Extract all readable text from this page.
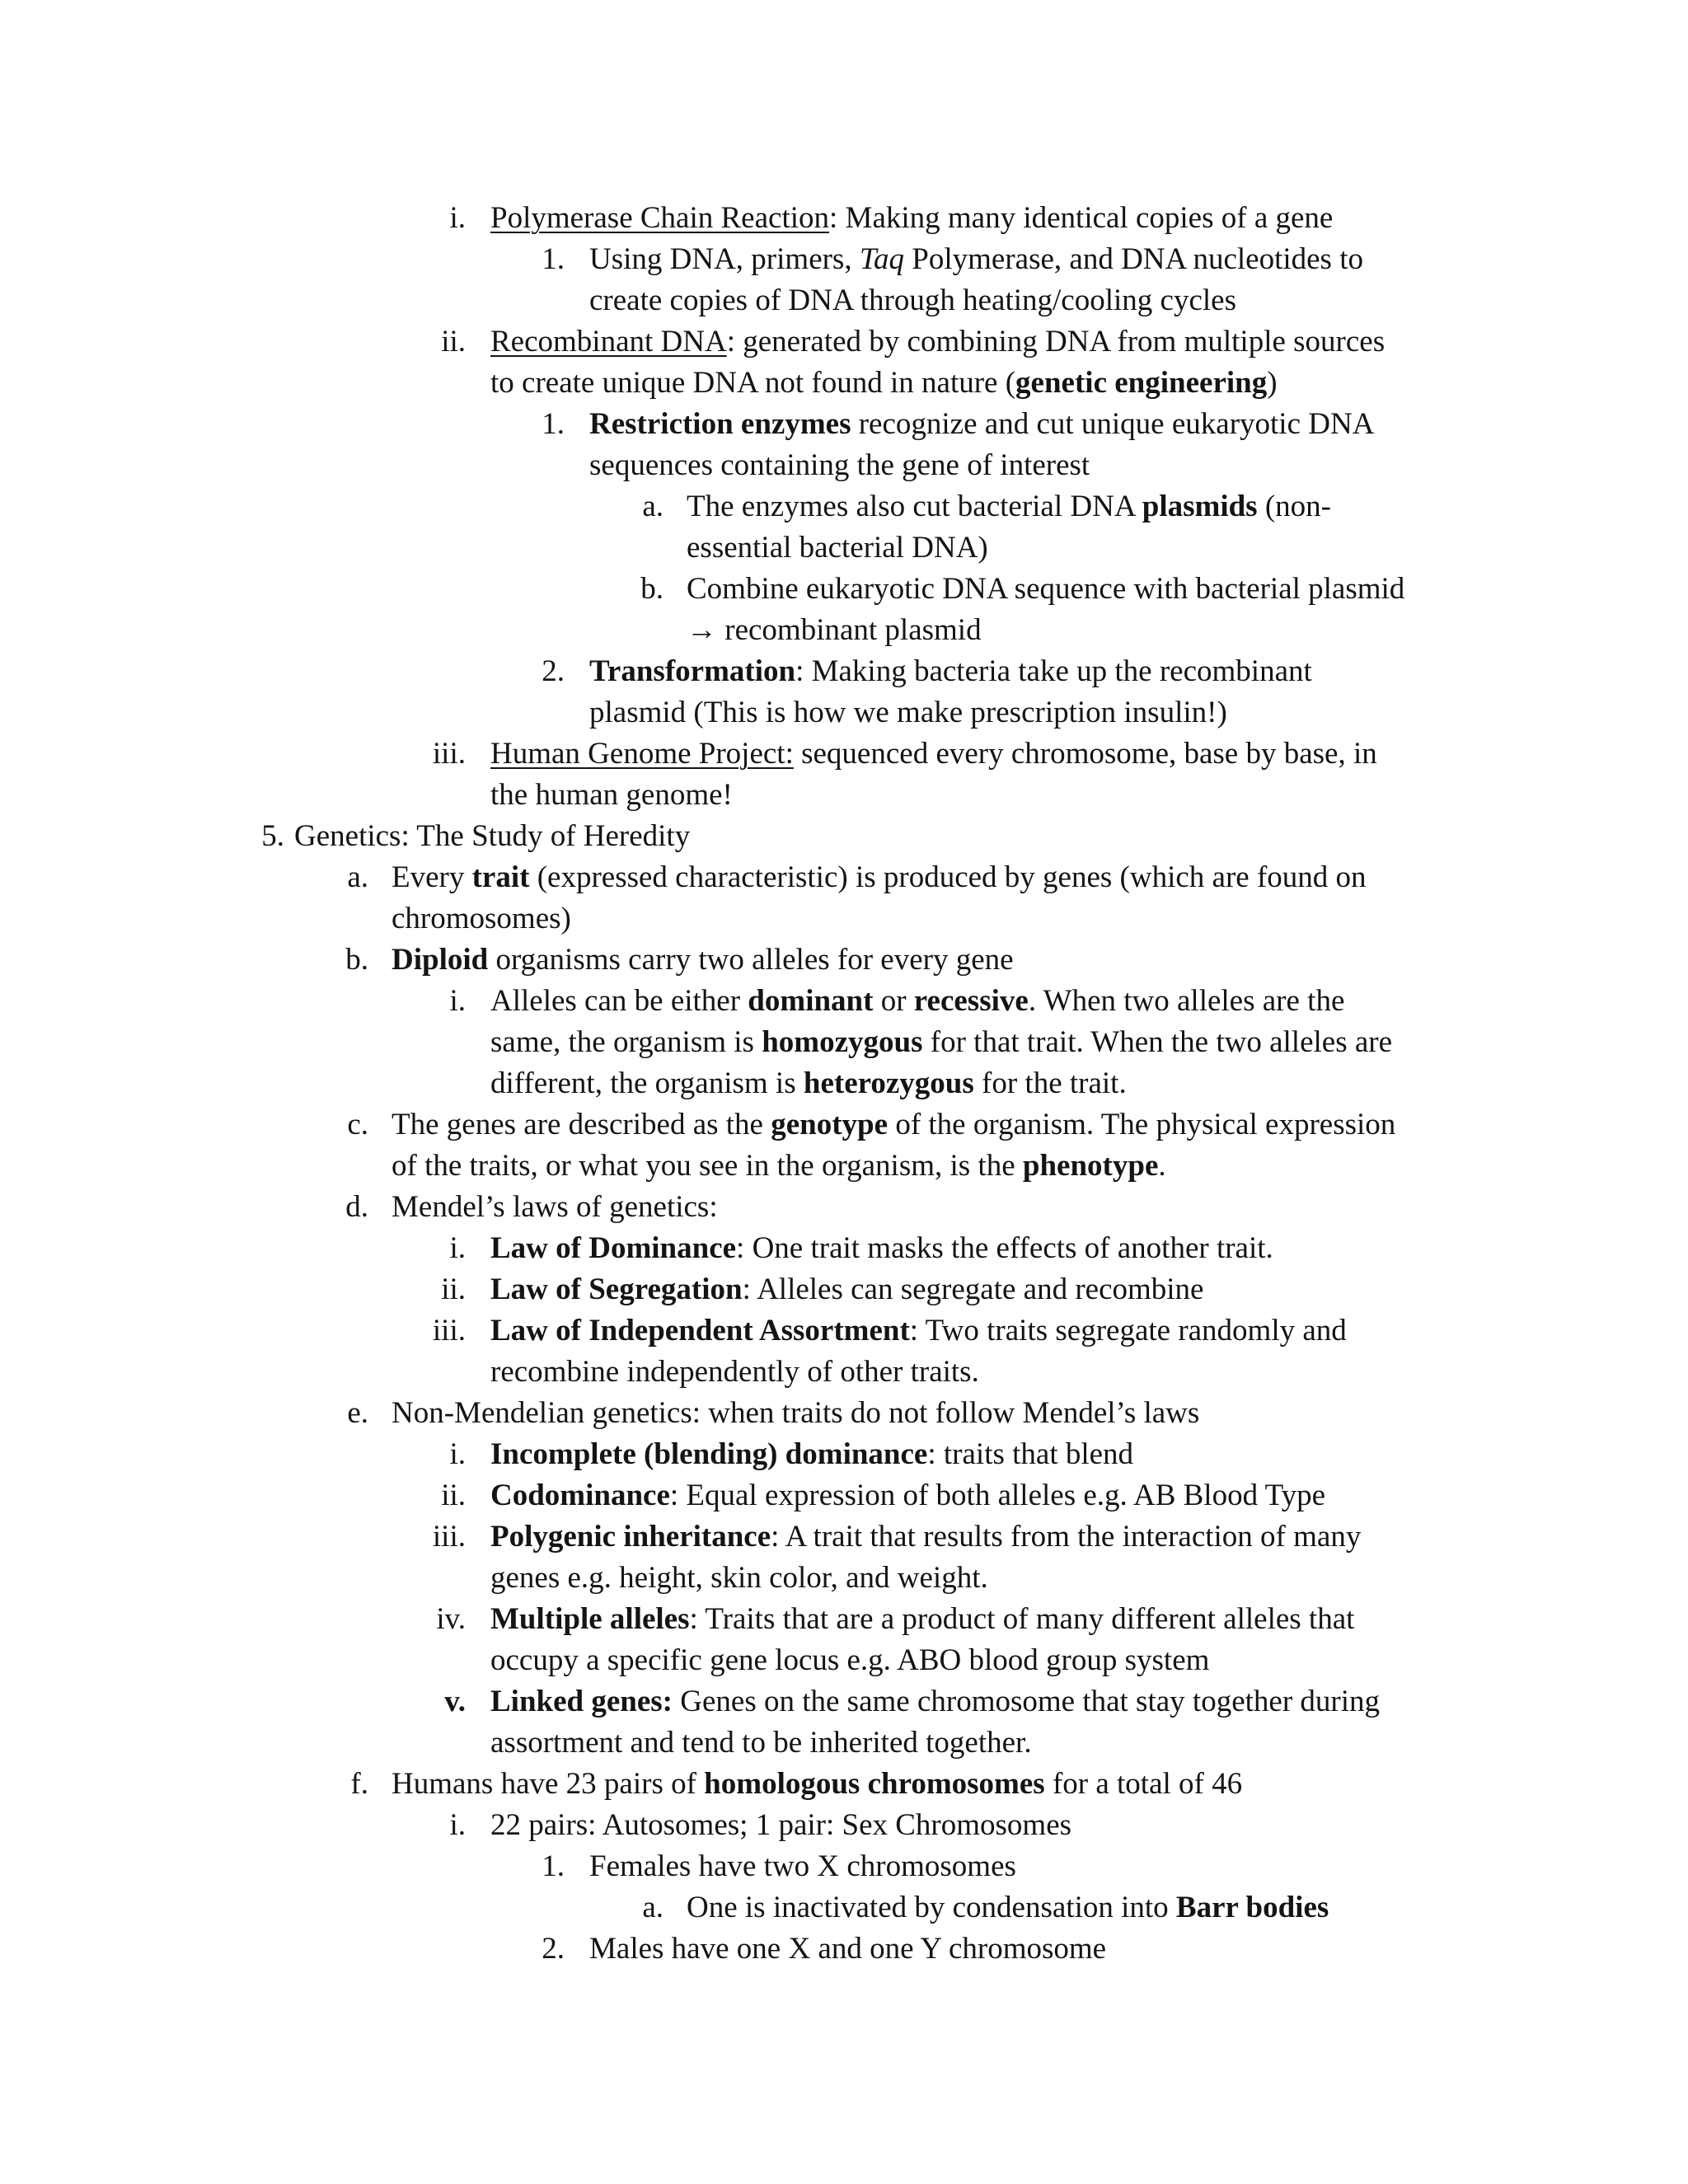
i. Polymerase Chain Reaction: Making many identical copies of a gene
1. Using DNA, primers, Taq Polymerase, and DNA nucleotides to
create copies of DNA through heating/cooling cycles
ii. Recombinant DNA: generated by combining DNA from multiple sources
to create unique DNA not found in nature (genetic engineering)
1. Restriction enzymes recognize and cut unique eukaryotic DNA
sequences containing the gene of interest
a. The enzymes also cut bacterial DNA plasmids (non-
essential bacterial DNA)
b. Combine eukaryotic DNA sequence with bacterial plasmid
→ recombinant plasmid
2. Transformation: Making bacteria take up the recombinant
plasmid (This is how we make prescription insulin!)
iii. Human Genome Project: sequenced every chromosome, base by base, in
the human genome!
5. Genetics: The Study of Heredity
a. Every trait (expressed characteristic) is produced by genes (which are found on
chromosomes)
b. Diploid organisms carry two alleles for every gene
i. Alleles can be either dominant or recessive. When two alleles are the
same, the organism is homozygous for that trait. When the two alleles are
different, the organism is heterozygous for the trait.
c. The genes are described as the genotype of the organism. The physical expression
of the traits, or what you see in the organism, is the phenotype.
d. Mendel’s laws of genetics:
i. Law of Dominance: One trait masks the effects of another trait.
ii. Law of Segregation: Alleles can segregate and recombine
iii. Law of Independent Assortment: Two traits segregate randomly and
recombine independently of other traits.
e. Non-Mendelian genetics: when traits do not follow Mendel’s laws
i. Incomplete (blending) dominance: traits that blend
ii. Codominance: Equal expression of both alleles e.g. AB Blood Type
iii. Polygenic inheritance: A trait that results from the interaction of many
genes e.g. height, skin color, and weight.
iv. Multiple alleles: Traits that are a product of many different alleles that
occupy a specific gene locus e.g. ABO blood group system
v. Linked genes: Genes on the same chromosome that stay together during
assortment and tend to be inherited together.
f. Humans have 23 pairs of homologous chromosomes for a total of 46
i. 22 pairs: Autosomes; 1 pair: Sex Chromosomes
1. Females have two X chromosomes
a. One is inactivated by condensation into Barr bodies
2. Males have one X and one Y chromosome
